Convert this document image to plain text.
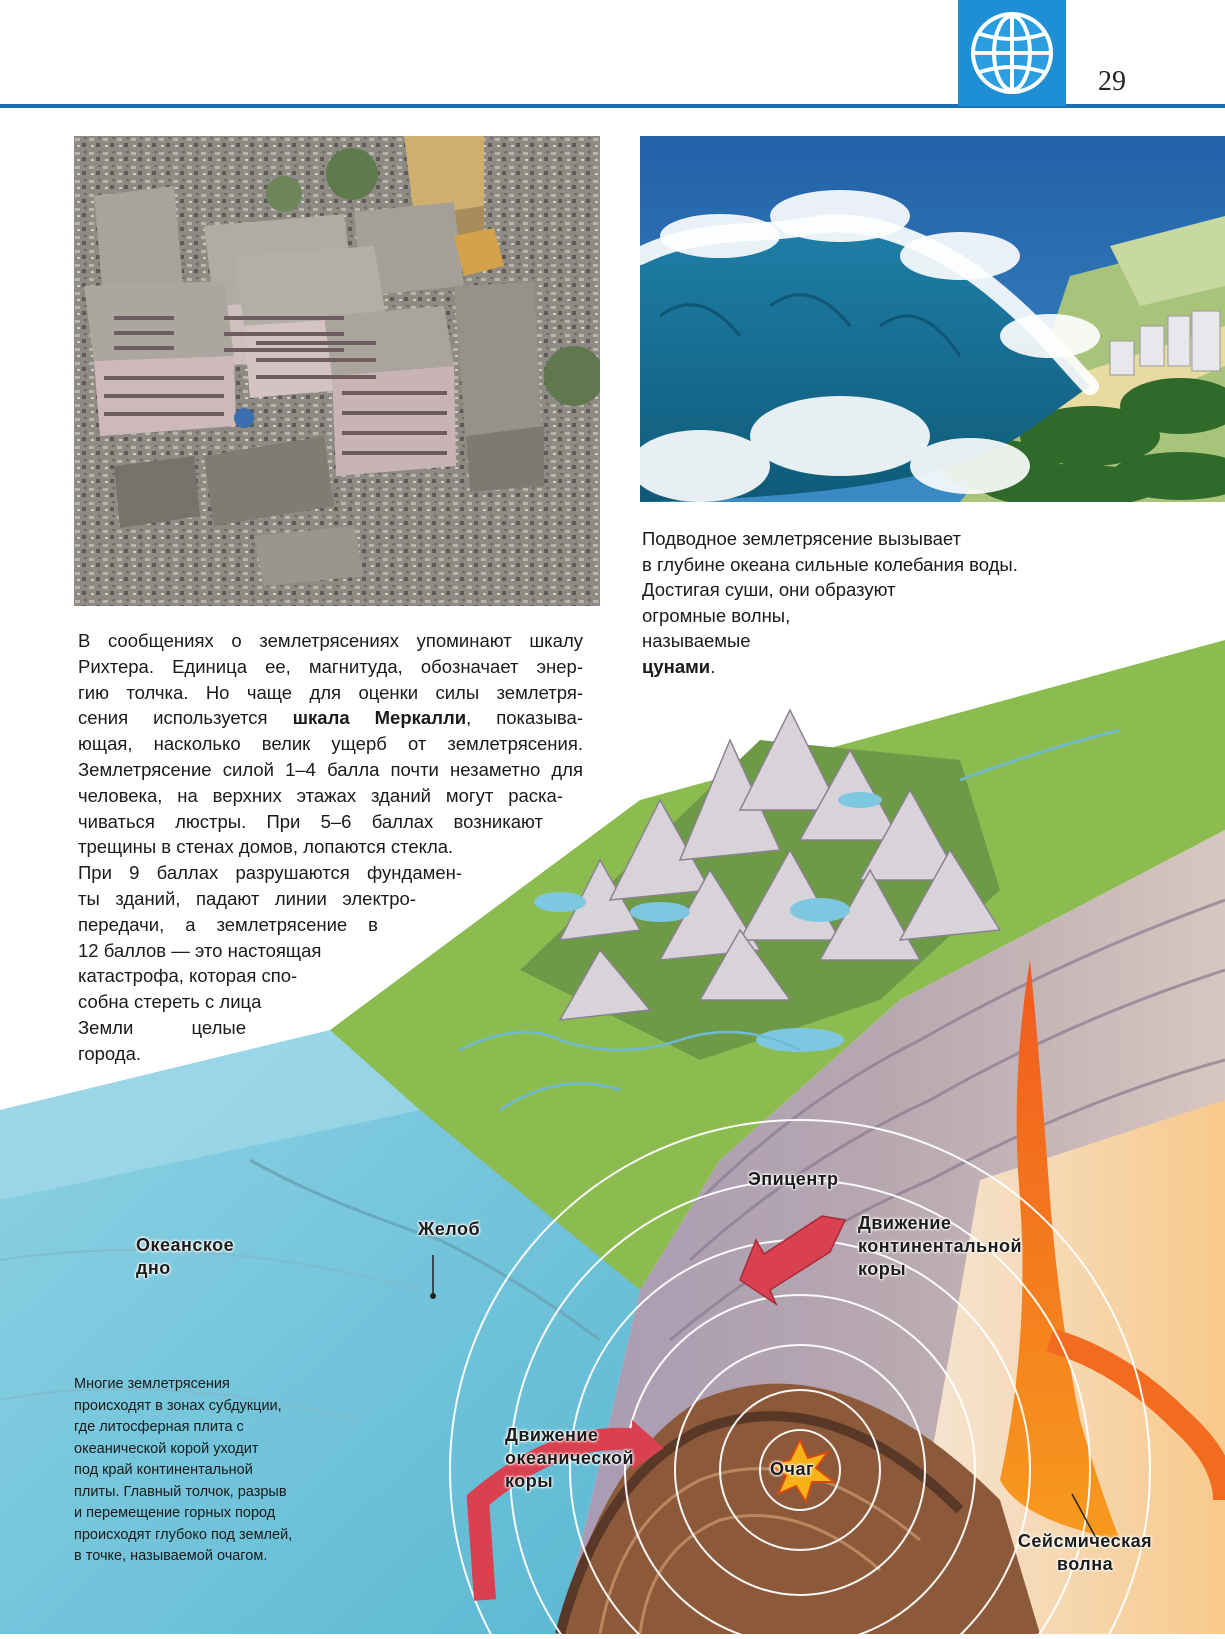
29
Подводное землетрясение вызывает
в глубине океана сильные колебания воды.
Достигая суши, они образуют
огромные волны,
называемые
цунами.
В сообщениях о землетрясениях упоминают шкалу
Рихтера. Единица ее, магнитуда, обозначает энер-
гию толчка. Но чаще для оценки силы землетря-
сения используется шкала Меркалли, показыва-
ющая, насколько велик ущерб от землетрясения.
Землетрясение силой 1–4 балла почти незаметно для
человека, на верхних этажах зданий могут раска-
чиваться люстры. При 5–6 баллах возникают
трещины в стенах домов, лопаются стекла.
При 9 баллах разрушаются фундамен-
ты зданий, падают линии электро-
передачи, а землетрясение в
12 баллов — это настоящая
катастрофа, которая спо-
собна стереть с лица
Земли целые
города.
Океанское
дно
Желоб
Эпицентр
Движение
континентальной
коры
Движение
океанической
коры
Очаг
Сейсмическая
волна
Многие землетрясения
происходят в зонах субдукции,
где литосферная плита с
океанической корой уходит
под край континентальной
плиты. Главный толчок, разрыв
и перемещение горных пород
происходят глубоко под землей,
в точке, называемой очагом.
